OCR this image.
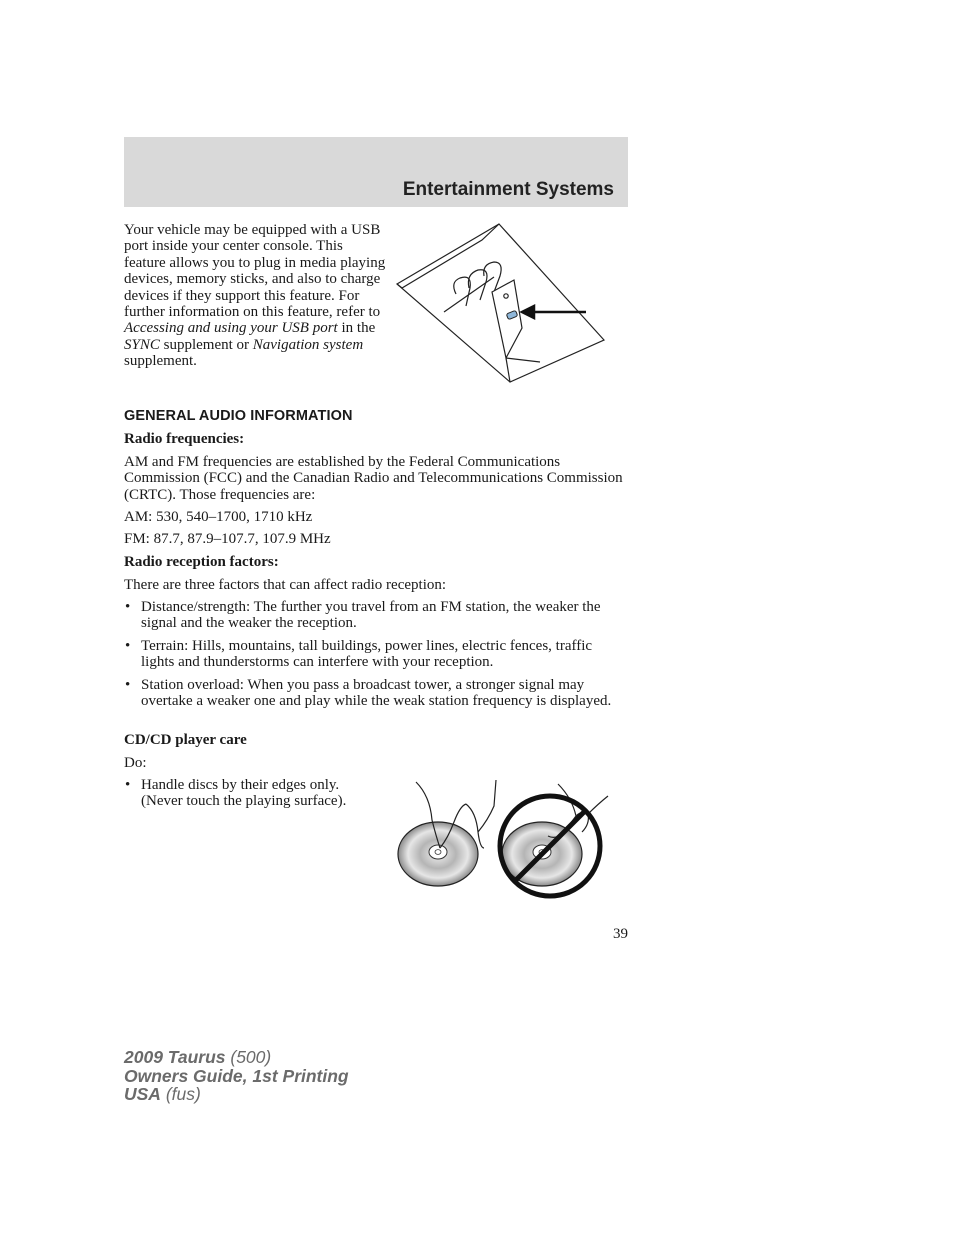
Entertainment Systems
Your vehicle may be equipped with a USB port inside your center console. This feature allows you to plug in media playing devices, memory sticks, and also to charge devices if they support this feature. For further information on this feature, refer to Accessing and using your USB port in the SYNC supplement or Navigation system supplement.
GENERAL AUDIO INFORMATION
Radio frequencies:
AM and FM frequencies are established by the Federal Communications Commission (FCC) and the Canadian Radio and Telecommunications Commission (CRTC). Those frequencies are:
AM: 530, 540–1700, 1710 kHz
FM: 87.7, 87.9–107.7, 107.9 MHz
Radio reception factors:
There are three factors that can affect radio reception:
• Distance/strength: The further you travel from an FM station, the weaker the signal and the weaker the reception.
• Terrain: Hills, mountains, tall buildings, power lines, electric fences, traffic lights and thunderstorms can interfere with your reception.
• Station overload: When you pass a broadcast tower, a stronger signal may overtake a weaker one and play while the weak station frequency is displayed.
CD/CD player care
Do:
• Handle discs by their edges only. (Never touch the playing surface).
39
2009 Taurus (500)
Owners Guide, 1st Printing
USA (fus)
